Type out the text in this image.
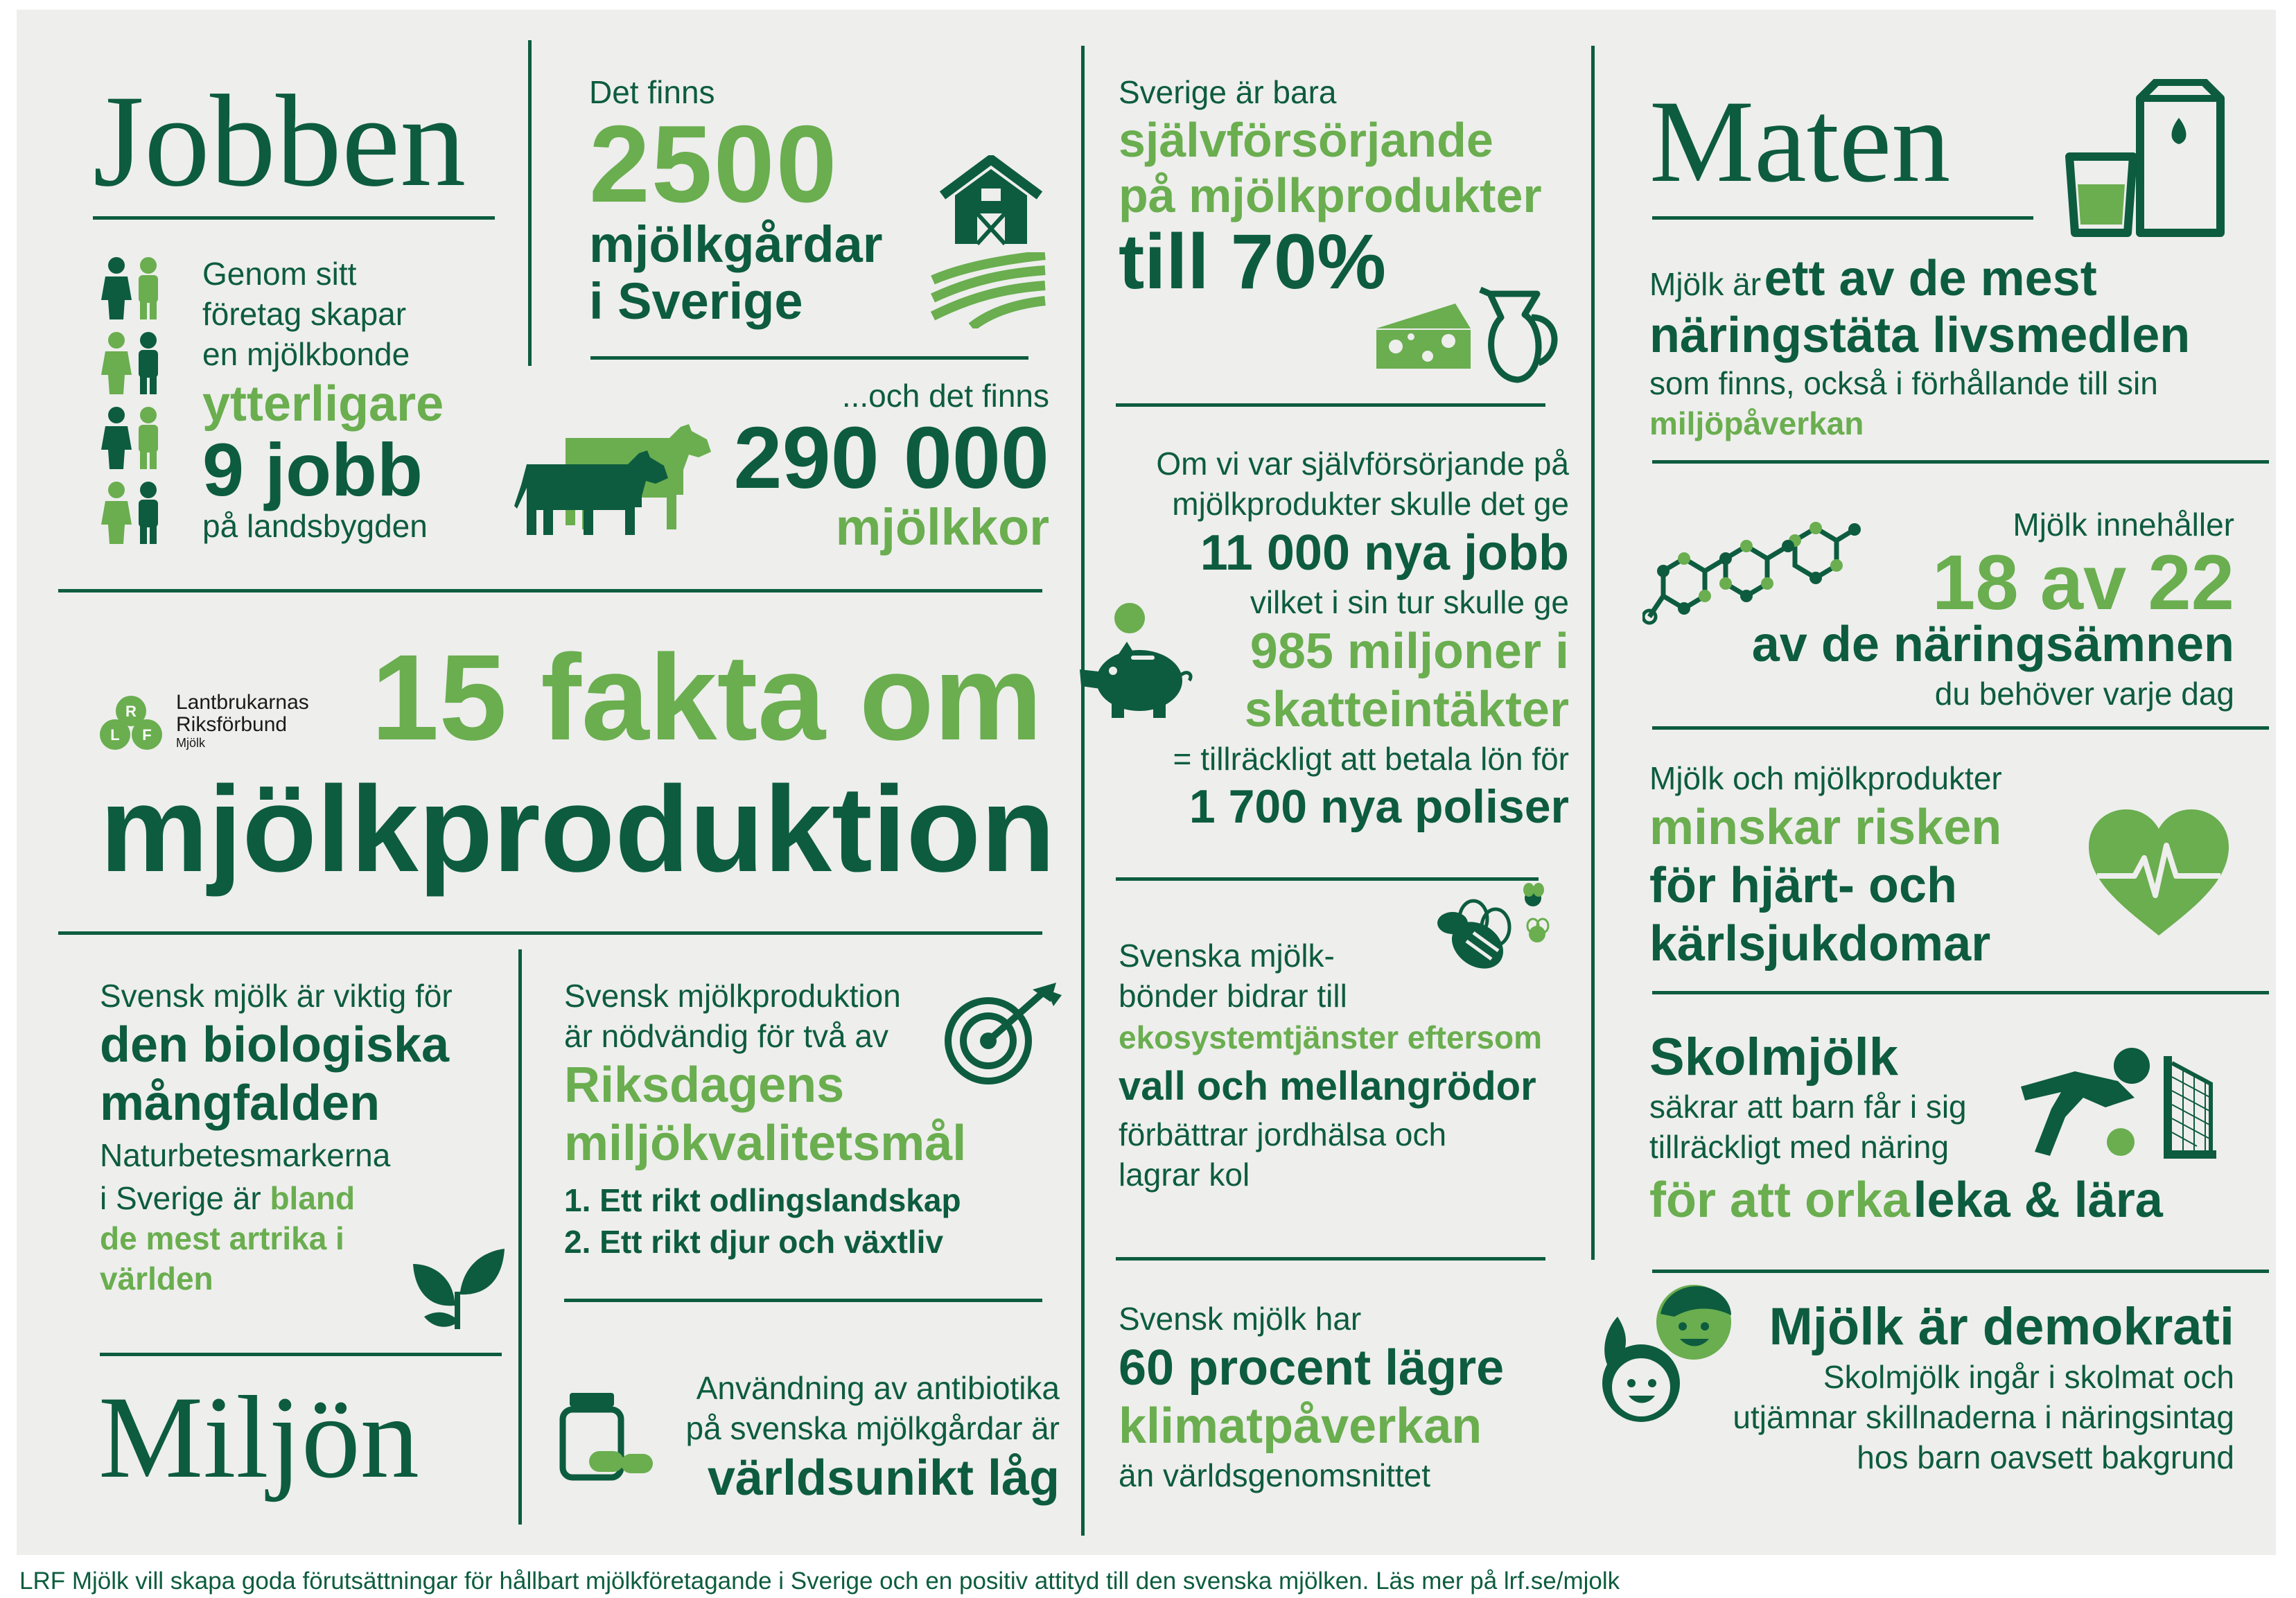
Jobben
Genom sitt
företag skapar
en mjölkbonde
ytterligare
9 jobb
på landsbygden
Det finns
2500
mjölkgårdar
i Sverige
...och det finns
290 000
mjölkkor
R
L F
Lantbrukarnas
Riksförbund
Mjölk	15 fakta om
mjölkproduktion
Svensk mjölk är viktig för
den biologiska
mångfalden
Naturbetesmarkerna
i Sverige är bland
de mest artrika i
världen
Miljön
Svensk mjölkproduktion
är nödvändig för två av
Riksdagens
miljökvalitetsmål
1. Ett rikt odlingslandskap
2. Ett rikt djur och växtliv
Användning av antibiotika
på svenska mjölkgårdar är
världsunikt låg
Sverige är bara
självförsörjande
på mjölkprodukter
till 70%
Om vi var självförsörjande på
mjölkprodukter skulle det ge
11 000 nya jobb
vilket i sin tur skulle ge
985 miljoner i
skatteintäkter
= tillräckligt att betala lön för
1 700 nya poliser
Svenska mjölk-
bönder bidrar till
ekosystemtjänster eftersom
vall och mellangrödor
förbättrar jordhälsa och
lagrar kol
Svensk mjölk har
60 procent lägre
klimatpåverkan
än världsgenomsnittet
Maten
Mjölk är ett av de mest
näringstäta livsmedlen
som finns, också i förhållande till sin
miljöpåverkan
Mjölk innehåller
18 av 22
av de näringsämnen
du behöver varje dag
Mjölk och mjölkprodukter
minskar risken
för hjärt- och
kärlsjukdomar
Skolmjölk
säkrar att barn får i sig
tillräckligt med näring
för att orka leka & lära
Mjölk är demokrati
Skolmjölk ingår i skolmat och
utjämnar skillnaderna i näringsintag
hos barn oavsett bakgrund
LRF Mjölk vill skapa goda förutsättningar för hållbart mjölkföretagande i Sverige och en positiv attityd till den svenska mjölken. Läs mer på lrf.se/mjolk
